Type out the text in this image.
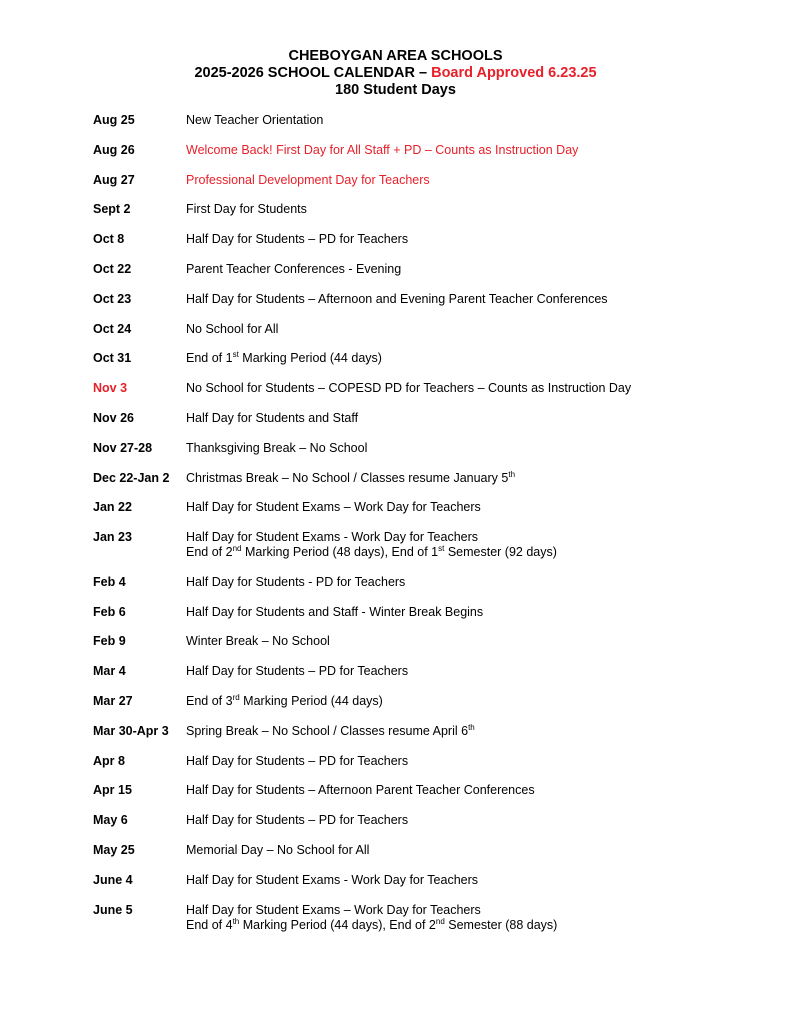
CHEBOYGAN AREA SCHOOLS
2025-2026 SCHOOL CALENDAR – Board Approved 6.23.25
180 Student Days
Aug 25	New Teacher Orientation
Aug 26	Welcome Back! First Day for All Staff + PD – Counts as Instruction Day
Aug 27	Professional Development Day for Teachers
Sept 2	First Day for Students
Oct 8	Half Day for Students – PD for Teachers
Oct 22	Parent Teacher Conferences - Evening
Oct 23	Half Day for Students – Afternoon and Evening Parent Teacher Conferences
Oct 24	No School for All
Oct 31	End of 1st Marking Period (44 days)
Nov 3	No School for Students – COPESD PD for Teachers – Counts as Instruction Day
Nov 26	Half Day for Students and Staff
Nov 27-28	Thanksgiving Break – No School
Dec 22-Jan 2 Christmas Break – No School / Classes resume January 5th
Jan 22	Half Day for Student Exams – Work Day for Teachers
Jan 23	Half Day for Student Exams - Work Day for Teachers
End of 2nd Marking Period (48 days), End of 1st Semester (92 days)
Feb 4	Half Day for Students - PD for Teachers
Feb 6	Half Day for Students and Staff - Winter Break Begins
Feb 9	Winter Break – No School
Mar 4	Half Day for Students – PD for Teachers
Mar 27	End of 3rd Marking Period (44 days)
Mar 30-Apr 3 Spring Break – No School / Classes resume April 6th
Apr 8	Half Day for Students – PD for Teachers
Apr 15	Half Day for Students – Afternoon Parent Teacher Conferences
May 6	Half Day for Students – PD for Teachers
May 25	Memorial Day – No School for All
June 4	Half Day for Student Exams - Work Day for Teachers
June 5	Half Day for Student Exams – Work Day for Teachers
End of 4th Marking Period (44 days), End of 2nd Semester (88 days)
